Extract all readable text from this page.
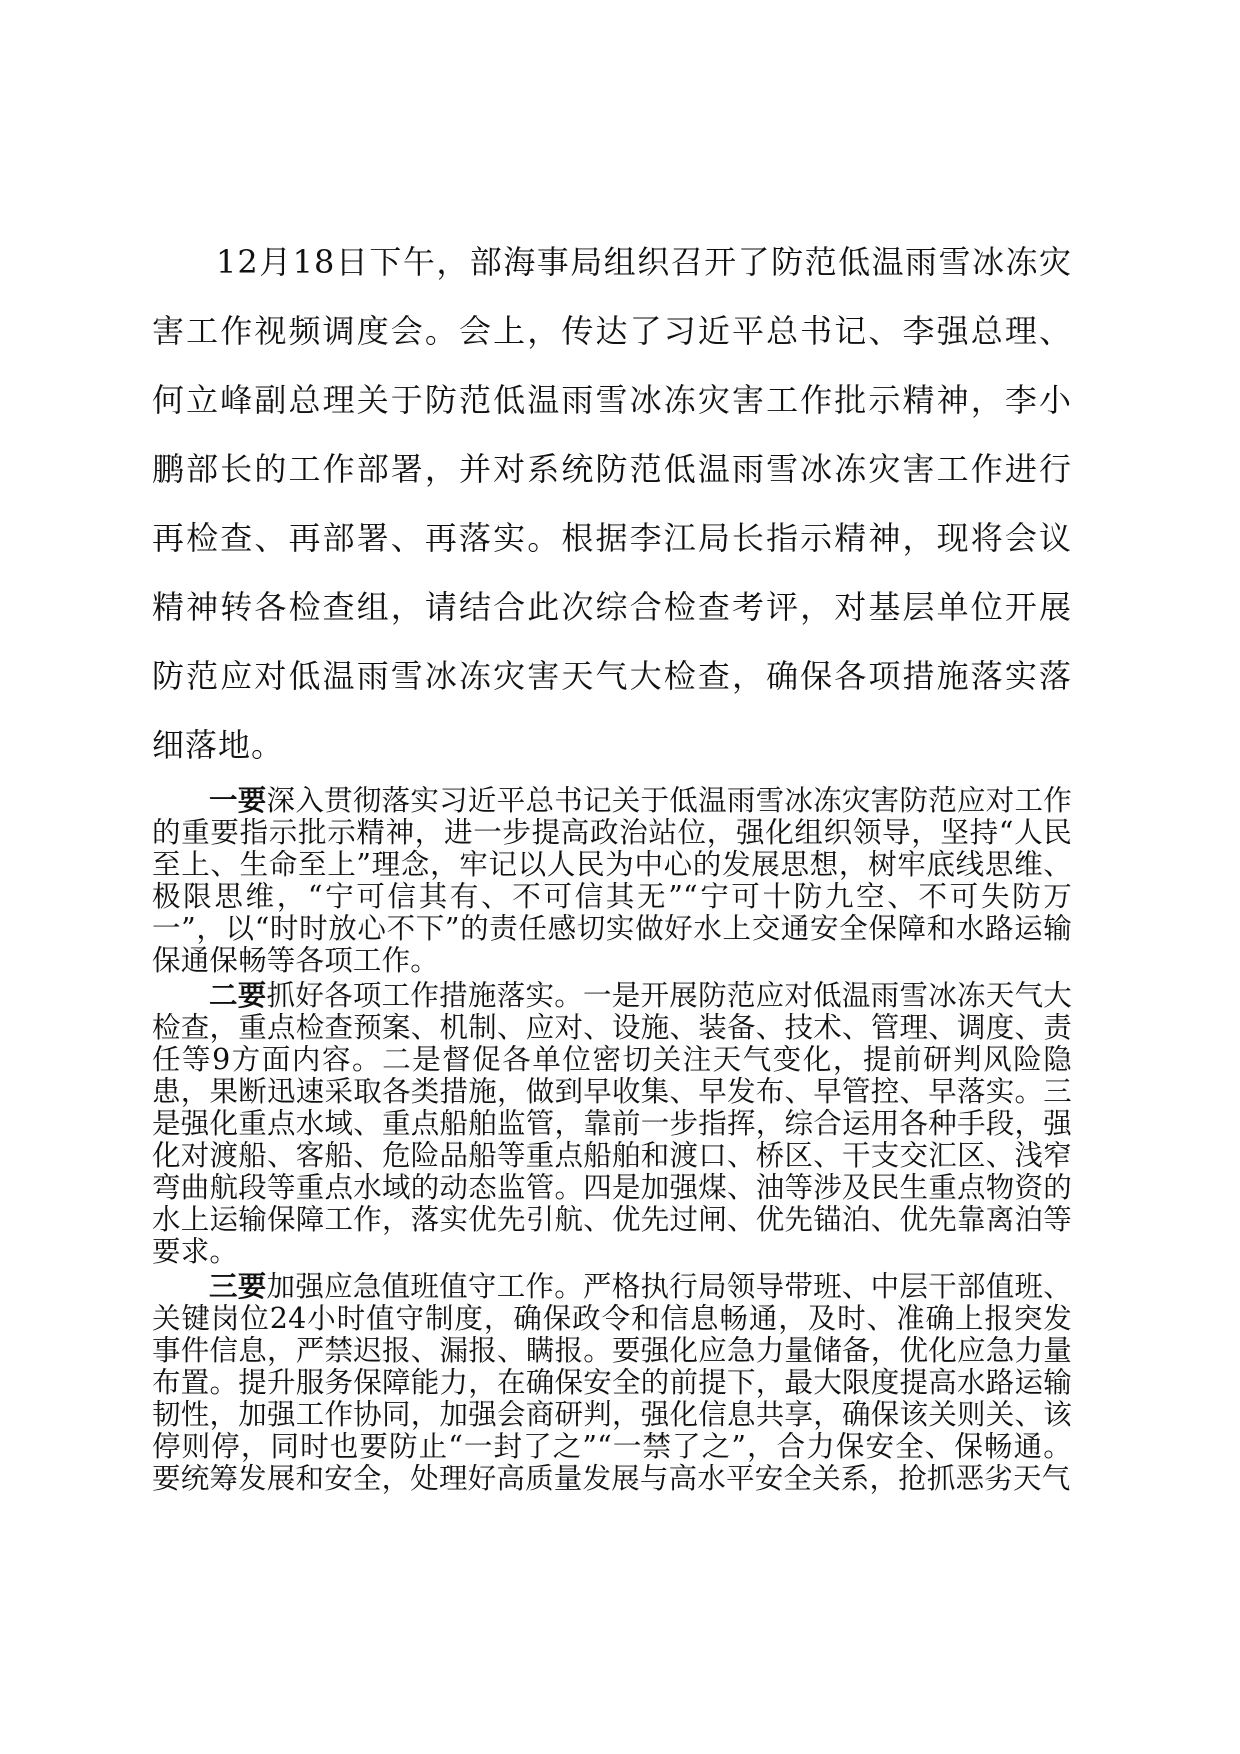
12月18日下午，部海事局组织召开了防范低温雨雪冰冻灾害工作视频调度会。会上，传达了习近平总书记、李强总理、何立峰副总理关于防范低温雨雪冰冻灾害工作批示精神，李小鹏部长的工作部署，并对系统防范低温雨雪冰冻灾害工作进行再检查、再部署、再落实。根据李江局长指示精神，现将会议精神转各检查组，请结合此次综合检查考评，对基层单位开展防范应对低温雨雪冰冻灾害天气大检查，确保各项措施落实落细落地。

一要深入贯彻落实习近平总书记关于低温雨雪冰冻灾害防范应对工作的重要指示批示精神，进一步提高政治站位，强化组织领导，坚持“人民至上、生命至上”理念，牢记以人民为中心的发展思想，树牢底线思维、极限思维，“宁可信其有、不可信其无”“宁可十防九空、不可失防万一”，以“时时放心不下”的责任感切实做好水上交通安全保障和水路运输保通保畅等各项工作。

二要抓好各项工作措施落实。一是开展防范应对低温雨雪冰冻天气大检查，重点检查预案、机制、应对、设施、装备、技术、管理、调度、责任等9方面内容。二是督促各单位密切关注天气变化，提前研判风险隐患，果断迅速采取各类措施，做到早收集、早发布、早管控、早落实。三是强化重点水域、重点船舶监管，靠前一步指挥，综合运用各种手段，强化对渡船、客船、危险品船等重点船舶和渡口、桥区、干支交汇区、浅窄弯曲航段等重点水域的动态监管。四是加强煤、油等涉及民生重点物资的水上运输保障工作，落实优先引航、优先过闸、优先锚泊、优先靠离泊等要求。

三要加强应急值班值守工作。严格执行局领导带班、中层干部值班、关键岗位24小时值守制度，确保政令和信息畅通，及时、准确上报突发事件信息，严禁迟报、漏报、瞒报。要强化应急力量储备，优化应急力量布置。提升服务保障能力，在确保安全的前提下，最大限度提高水路运输韧性，加强工作协同，加强会商研判，强化信息共享，确保该关则关、该停则停，同时也要防止“一封了之”“一禁了之”，合力保安全、保畅通。要统筹发展和安全，处理好高质量发展与高水平安全关系，抢抓恶劣天气
